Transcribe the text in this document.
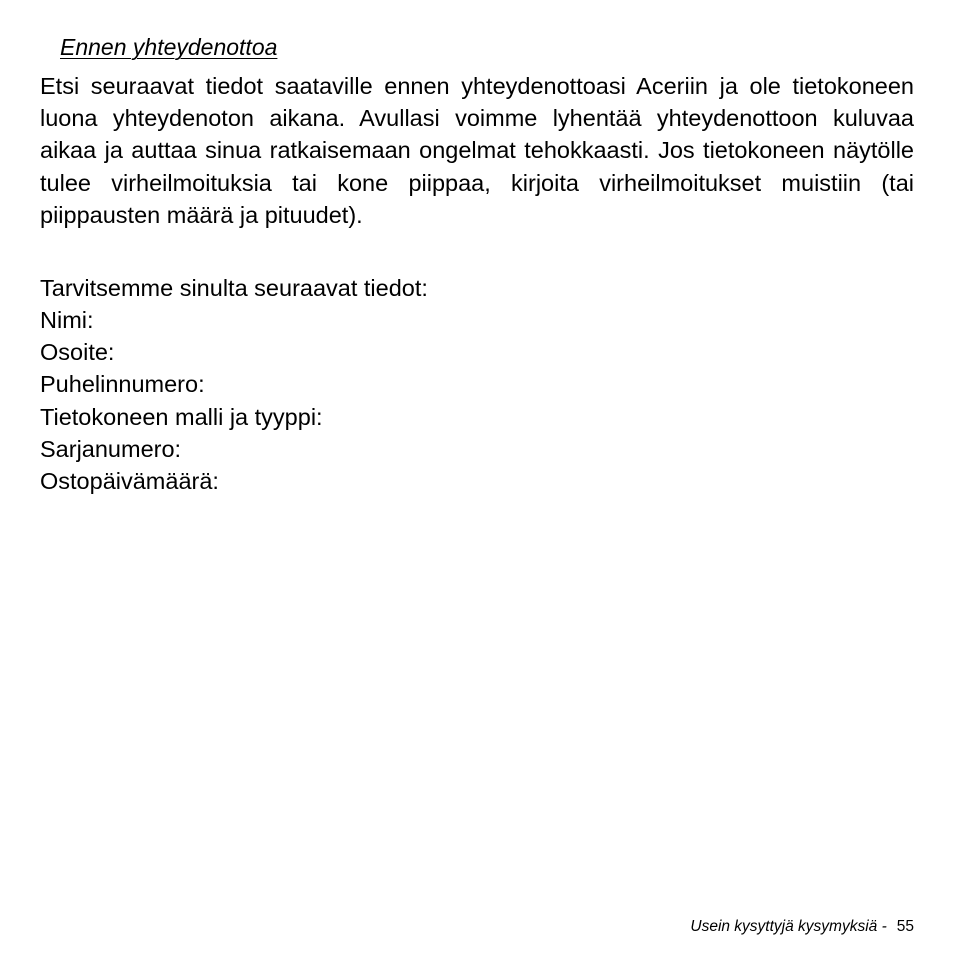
Ennen yhteydenottoa

Etsi seuraavat tiedot saataville ennen yhteydenottoasi Aceriin ja ole tietokoneen luona yhteydenoton aikana. Avullasi voimme lyhentää yhteydenottoon kuluvaa aikaa ja auttaa sinua ratkaisemaan ongelmat tehokkaasti. Jos tietokoneen näytölle tulee virheilmoituksia tai kone piippaa, kirjoita virheilmoitukset muistiin (tai piippausten määrä ja pituudet).

Tarvitsemme sinulta seuraavat tiedot:

Nimi:
Osoite:
Puhelinnumero:
Tietokoneen malli ja tyyppi:
Sarjanumero:
Ostopäivämäärä:
Usein kysyttyjä kysymyksiä - 55
